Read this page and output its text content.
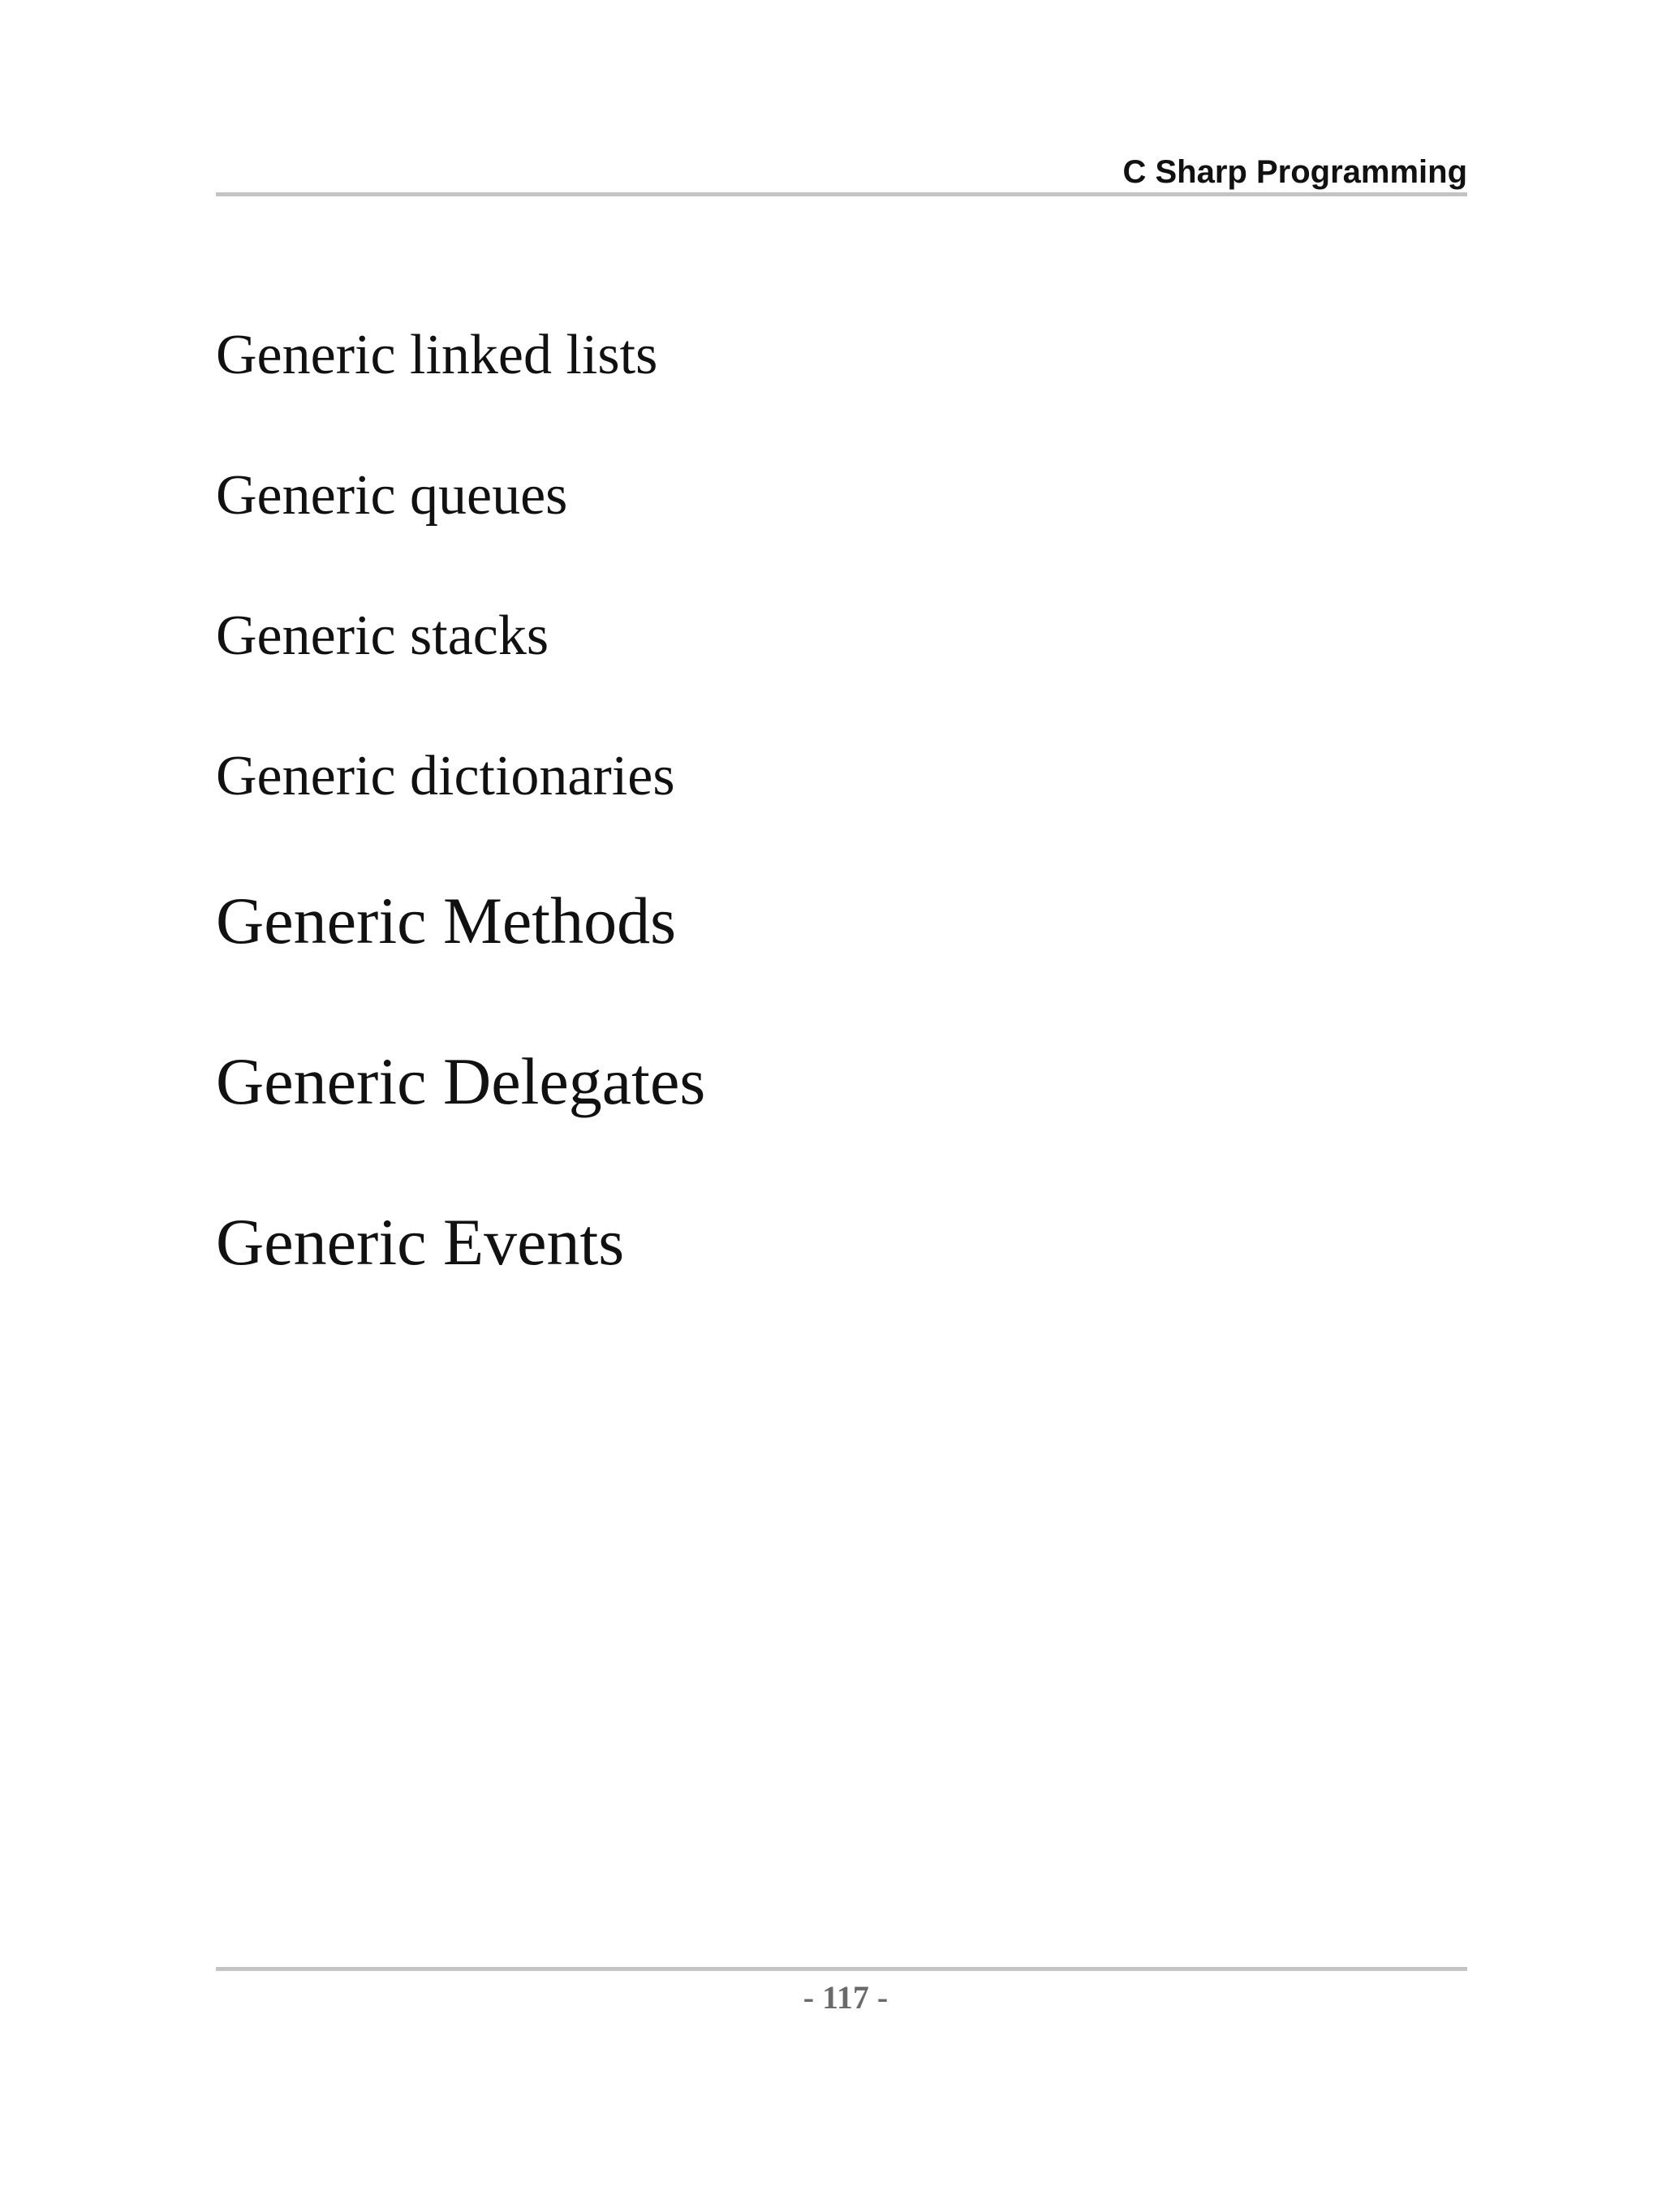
C Sharp Programming
Generic linked lists
Generic queues
Generic stacks
Generic dictionaries
Generic Methods
Generic Delegates
Generic Events
- 117 -
